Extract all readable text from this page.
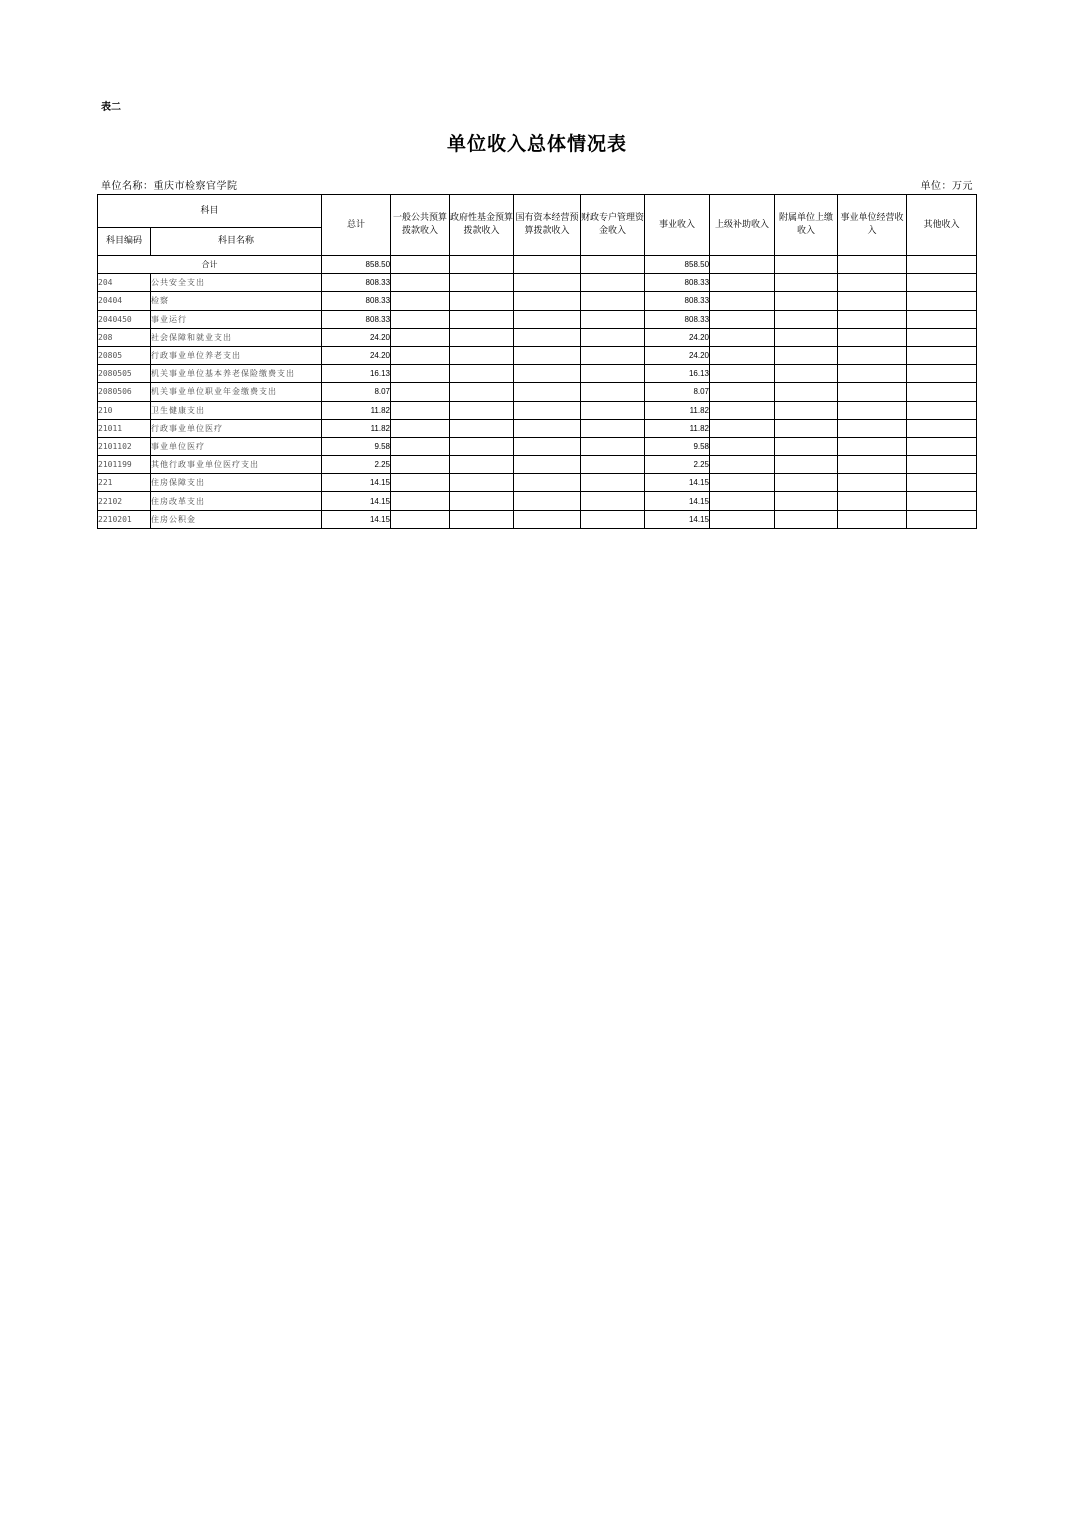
表二
单位收入总体情况表
单位名称：重庆市检察官学院	单位：万元
科目		总计	一般公共预算拨款收入	政府性基金预算拨款收入	国有资本经营预算拨款收入	财政专户管理资金收入	事业收入	上级补助收入	附属单位上缴收入	事业单位经营收入	其他收入
科目编码	科目名称										
合计		858.50					858.50				
204	公共安全支出	808.33					808.33				
20404	检察	808.33					808.33				
2040450	事业运行	808.33					808.33				
208	社会保障和就业支出	24.20					24.20				
20805	行政事业单位养老支出	24.20					24.20				
2080505	机关事业单位基本养老保险缴费支出	16.13					16.13				
2080506	机关事业单位职业年金缴费支出	8.07					8.07				
210	卫生健康支出	11.82					11.82				
21011	行政事业单位医疗	11.82					11.82				
2101102	事业单位医疗	9.58					9.58				
2101199	其他行政事业单位医疗支出	2.25					2.25				
221	住房保障支出	14.15					14.15				
22102	住房改革支出	14.15					14.15				
2210201	住房公积金	14.15					14.15				
